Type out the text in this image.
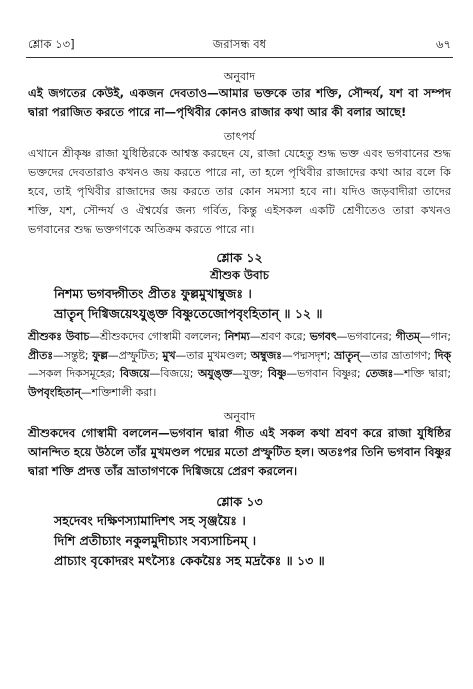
শ্লোক ১৩]	জরাসন্ধ বধ	৬৭

অনুবাদ

এই জগতের কেউই, একজন দেবতাও—আমার ভক্তকে তার শক্তি, সৌন্দর্য, যশ বা সম্পদ দ্বারা পরাজিত করতে পারে না—পৃথিবীর কোনও রাজার কথা আর কী বলার আছে!

তাৎপর্য

এখানে শ্রীকৃষ্ণ রাজা যুধিষ্ঠিরকে আশ্বস্ত করছেন যে, রাজা যেহেতু শুদ্ধ ভক্ত এবং ভগবানের শুদ্ধ ভক্তদের দেবতারাও কখনও জয় করতে পারে না, তা হলে পৃথিবীর রাজাদের কথা আর বলে কি হবে, তাই পৃথিবীর রাজাদের জয় করতে তার কোন সমস্যা হবে না। যদিও জড়বাদীরা তাদের শক্তি, যশ, সৌন্দর্য ও ঐশ্বর্যের জন্য গর্বিত, কিন্তু এইসকল একটি শ্রেণীতেও তারা কখনও ভগবানের শুদ্ধ ভক্তগণকে অতিক্রম করতে পারে না।

শ্লোক ১২

শ্রীশুক উবাচ

নিশম্য ভগবদ্গীতং প্রীতঃ ফুল্লমুখাম্বুজঃ ।

ভ্রাতৄন্ দিগ্বিজয়েঽযুঙ্ক্ত বিষ্ণুতেজোপবৃংহিতান্ ॥ ১২ ॥

শ্রীশুকঃ উবাচ—শ্রীশুকদেব গোস্বামী বললেন; নিশম্য—শ্রবণ করে; ভগবৎ—ভগবানের; গীতম্—গান; প্রীতঃ—সন্তুষ্ট; ফুল্ল—প্রস্ফুটিত; মুখ—তার মুখমণ্ডল; অম্বুজঃ—পদ্মসদৃশ; ভ্রাতৄন্—তার ভ্রাতাগণ; দিক্—সকল দিকসমূহের; বিজয়ে—বিজয়ে; অযুঙ্ক্ত—যুক্ত; বিষ্ণু—ভগবান বিষ্ণুর; তেজঃ—শক্তি দ্বারা; উপবৃংহিতান্—শক্তিশালী করা।

অনুবাদ

শ্রীশুকদেব গোস্বামী বললেন—ভগবান দ্বারা গীত এই সকল কথা শ্রবণ করে রাজা যুধিষ্ঠির আনন্দিত হয়ে উঠলে তাঁর মুখমণ্ডল পদ্মের মতো প্রস্ফুটিত হল। অতঃপর তিনি ভগবান বিষ্ণুর দ্বারা শক্তি প্রদত্ত তাঁর ভ্রাতাগণকে দিগ্বিজয়ে প্রেরণ করলেন।

শ্লোক ১৩

সহদেবং দক্ষিণস্যামাদিশৎ সহ সৃঞ্জয়ৈঃ ।

দিশি প্রতীচ্যাং নকুলমুদীচ্যাং সব্যসাচিনম্ ।

প্রাচ্যাং বৃকোদরং মৎস্যৈঃ কেকয়ৈঃ সহ মদ্রকৈঃ ॥ ১৩ ॥
